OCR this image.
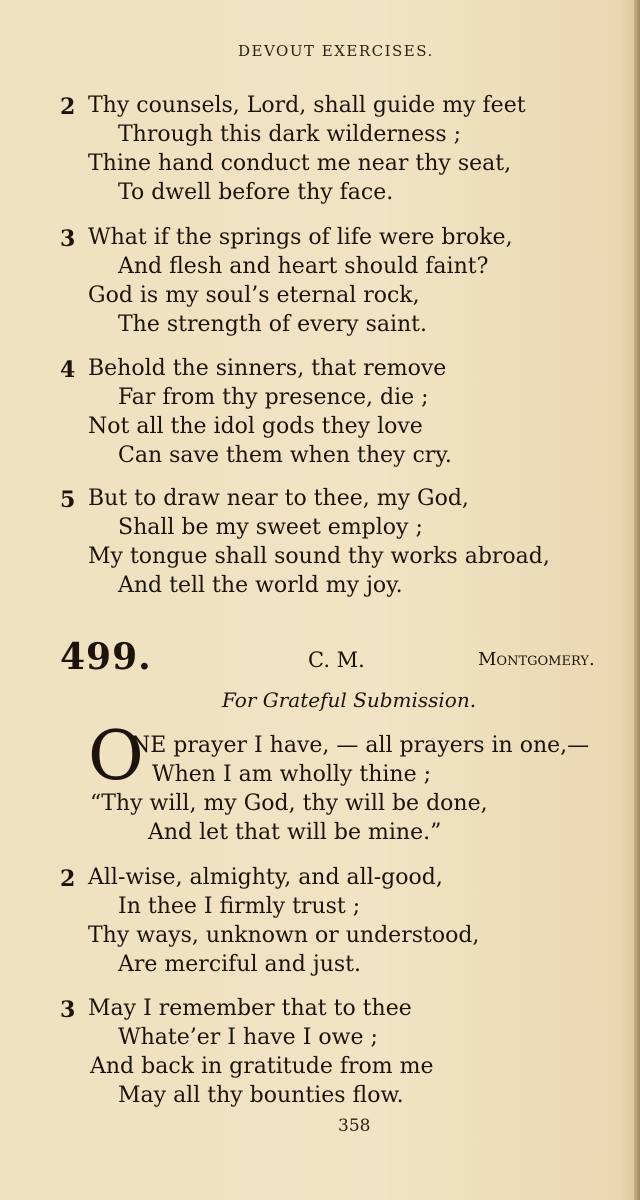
DEVOUT EXERCISES.
2 Thy counsels, Lord, shall guide my feet
Through this dark wilderness ;
Thine hand conduct me near thy seat,
To dwell before thy face.
3 What if the springs of life were broke,
And flesh and heart should faint?
God is my soul’s eternal rock,
The strength of every saint.
4 Behold the sinners, that remove
Far from thy presence, die ;
Not all the idol gods they love
Can save them when they cry.
5 But to draw near to thee, my God,
Shall be my sweet employ ;
My tongue shall sound thy works abroad,
And tell the world my joy.
499.	C. M.	Montgomery.
For Grateful Submission.
O
NE prayer I have, — all prayers in one,—
When I am wholly thine ;
“Thy will, my God, thy will be done,
And let that will be mine.”
2 All-wise, almighty, and all-good,
In thee I firmly trust ;
Thy ways, unknown or understood,
Are merciful and just.
3 May I remember that to thee
Whate’er I have I owe ;
And back in gratitude from me
May all thy bounties flow.
358
